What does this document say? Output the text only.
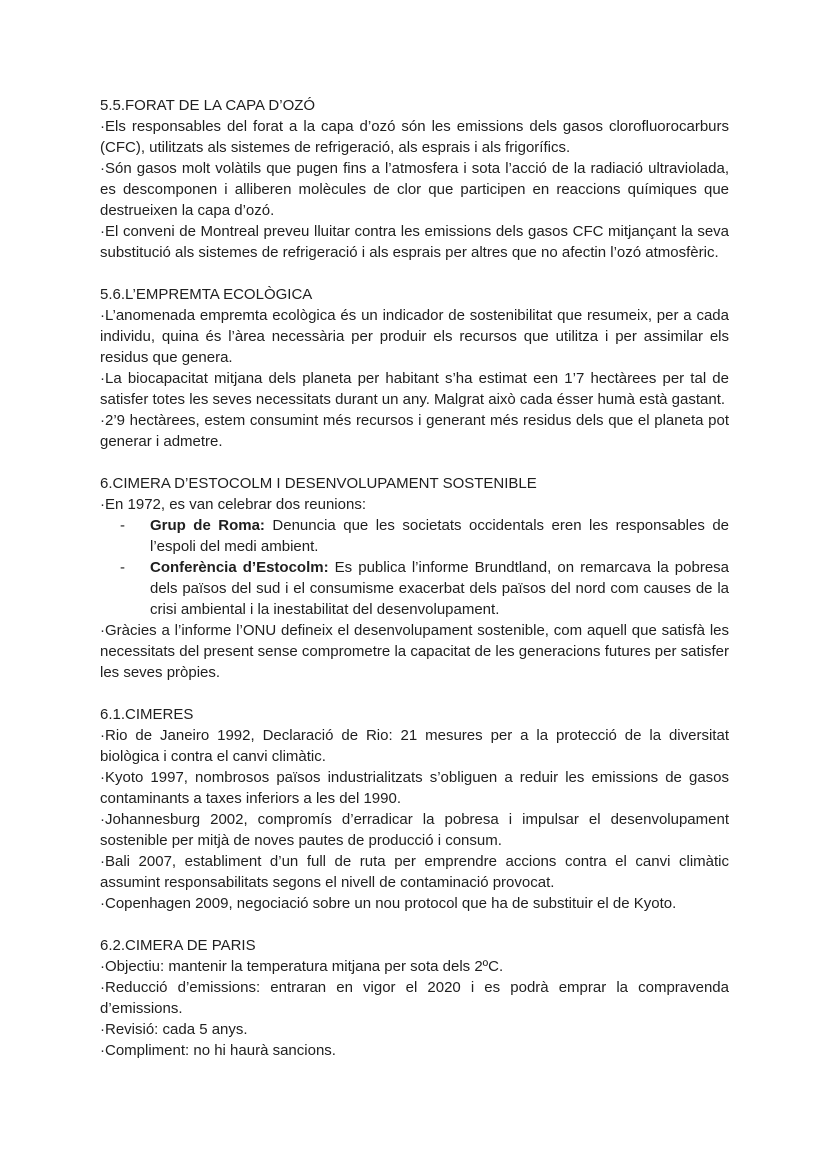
5.5.FORAT DE LA CAPA D’OZÓ

·Els responsables del forat a la capa d’ozó són les emissions dels gasos clorofluorocarburs (CFC), utilitzats als sistemes de refrigeració, als esprais i als frigorífics.

·Són gasos molt volàtils que pugen fins a l’atmosfera i sota l’acció de la radiació ultraviolada, es descomponen i alliberen molècules de clor que participen en reaccions químiques que destrueixen la capa d’ozó.

·El conveni de Montreal preveu lluitar contra les emissions dels gasos CFC mitjançant la seva substitució als sistemes de refrigeració i als esprais per altres que no afectin l’ozó atmosfèric.

5.6.L’EMPREMTA ECOLÒGICA

·L’anomenada empremta ecològica és un indicador de sostenibilitat que resumeix, per a cada individu, quina és l’àrea necessària per produir els recursos que utilitza i per assimilar els residus que genera.

·La biocapacitat mitjana dels planeta per habitant s’ha estimat een 1’7 hectàrees per tal de satisfer totes les seves necessitats durant un any. Malgrat això cada ésser humà està gastant.

·2’9 hectàrees, estem consumint més recursos i generant més residus dels que el planeta pot generar i admetre.

6.CIMERA D’ESTOCOLM I DESENVOLUPAMENT SOSTENIBLE

·En 1972, es van celebrar dos reunions:

-	Grup de Roma: Denuncia que les societats occidentals eren les responsables de l’espoli del medi ambient.
-	Conferència d’Estocolm: Es publica l’informe Brundtland, on remarcava la pobresa dels països del sud i el consumisme exacerbat dels països del nord com causes de la crisi ambiental i la inestabilitat del desenvolupament.

·Gràcies a l’informe l’ONU defineix el desenvolupament sostenible, com aquell que satisfà les necessitats del present sense comprometre la capacitat de les generacions futures per satisfer les seves pròpies.

6.1.CIMERES

·Rio de Janeiro 1992, Declaració de Rio: 21 mesures per a la protecció de la diversitat biològica i contra el canvi climàtic.

·Kyoto 1997, nombrosos països industrialitzats s’obliguen a reduir les emissions de gasos contaminants a taxes inferiors a les del 1990.

·Johannesburg 2002, compromís d’erradicar la pobresa i impulsar el desenvolupament sostenible per mitjà de noves pautes de producció i consum.

·Bali 2007, establiment d’un full de ruta per emprendre accions contra el canvi climàtic assumint responsabilitats segons el nivell de contaminació provocat.

·Copenhagen 2009, negociació sobre un nou protocol que ha de substituir el de Kyoto.

6.2.CIMERA DE PARIS

·Objectiu: mantenir la temperatura mitjana per sota dels 2ºC.

·Reducció d’emissions: entraran en vigor el 2020 i es podrà emprar la compravenda d’emissions.

·Revisió: cada 5 anys.

·Compliment: no hi haurà sancions.
